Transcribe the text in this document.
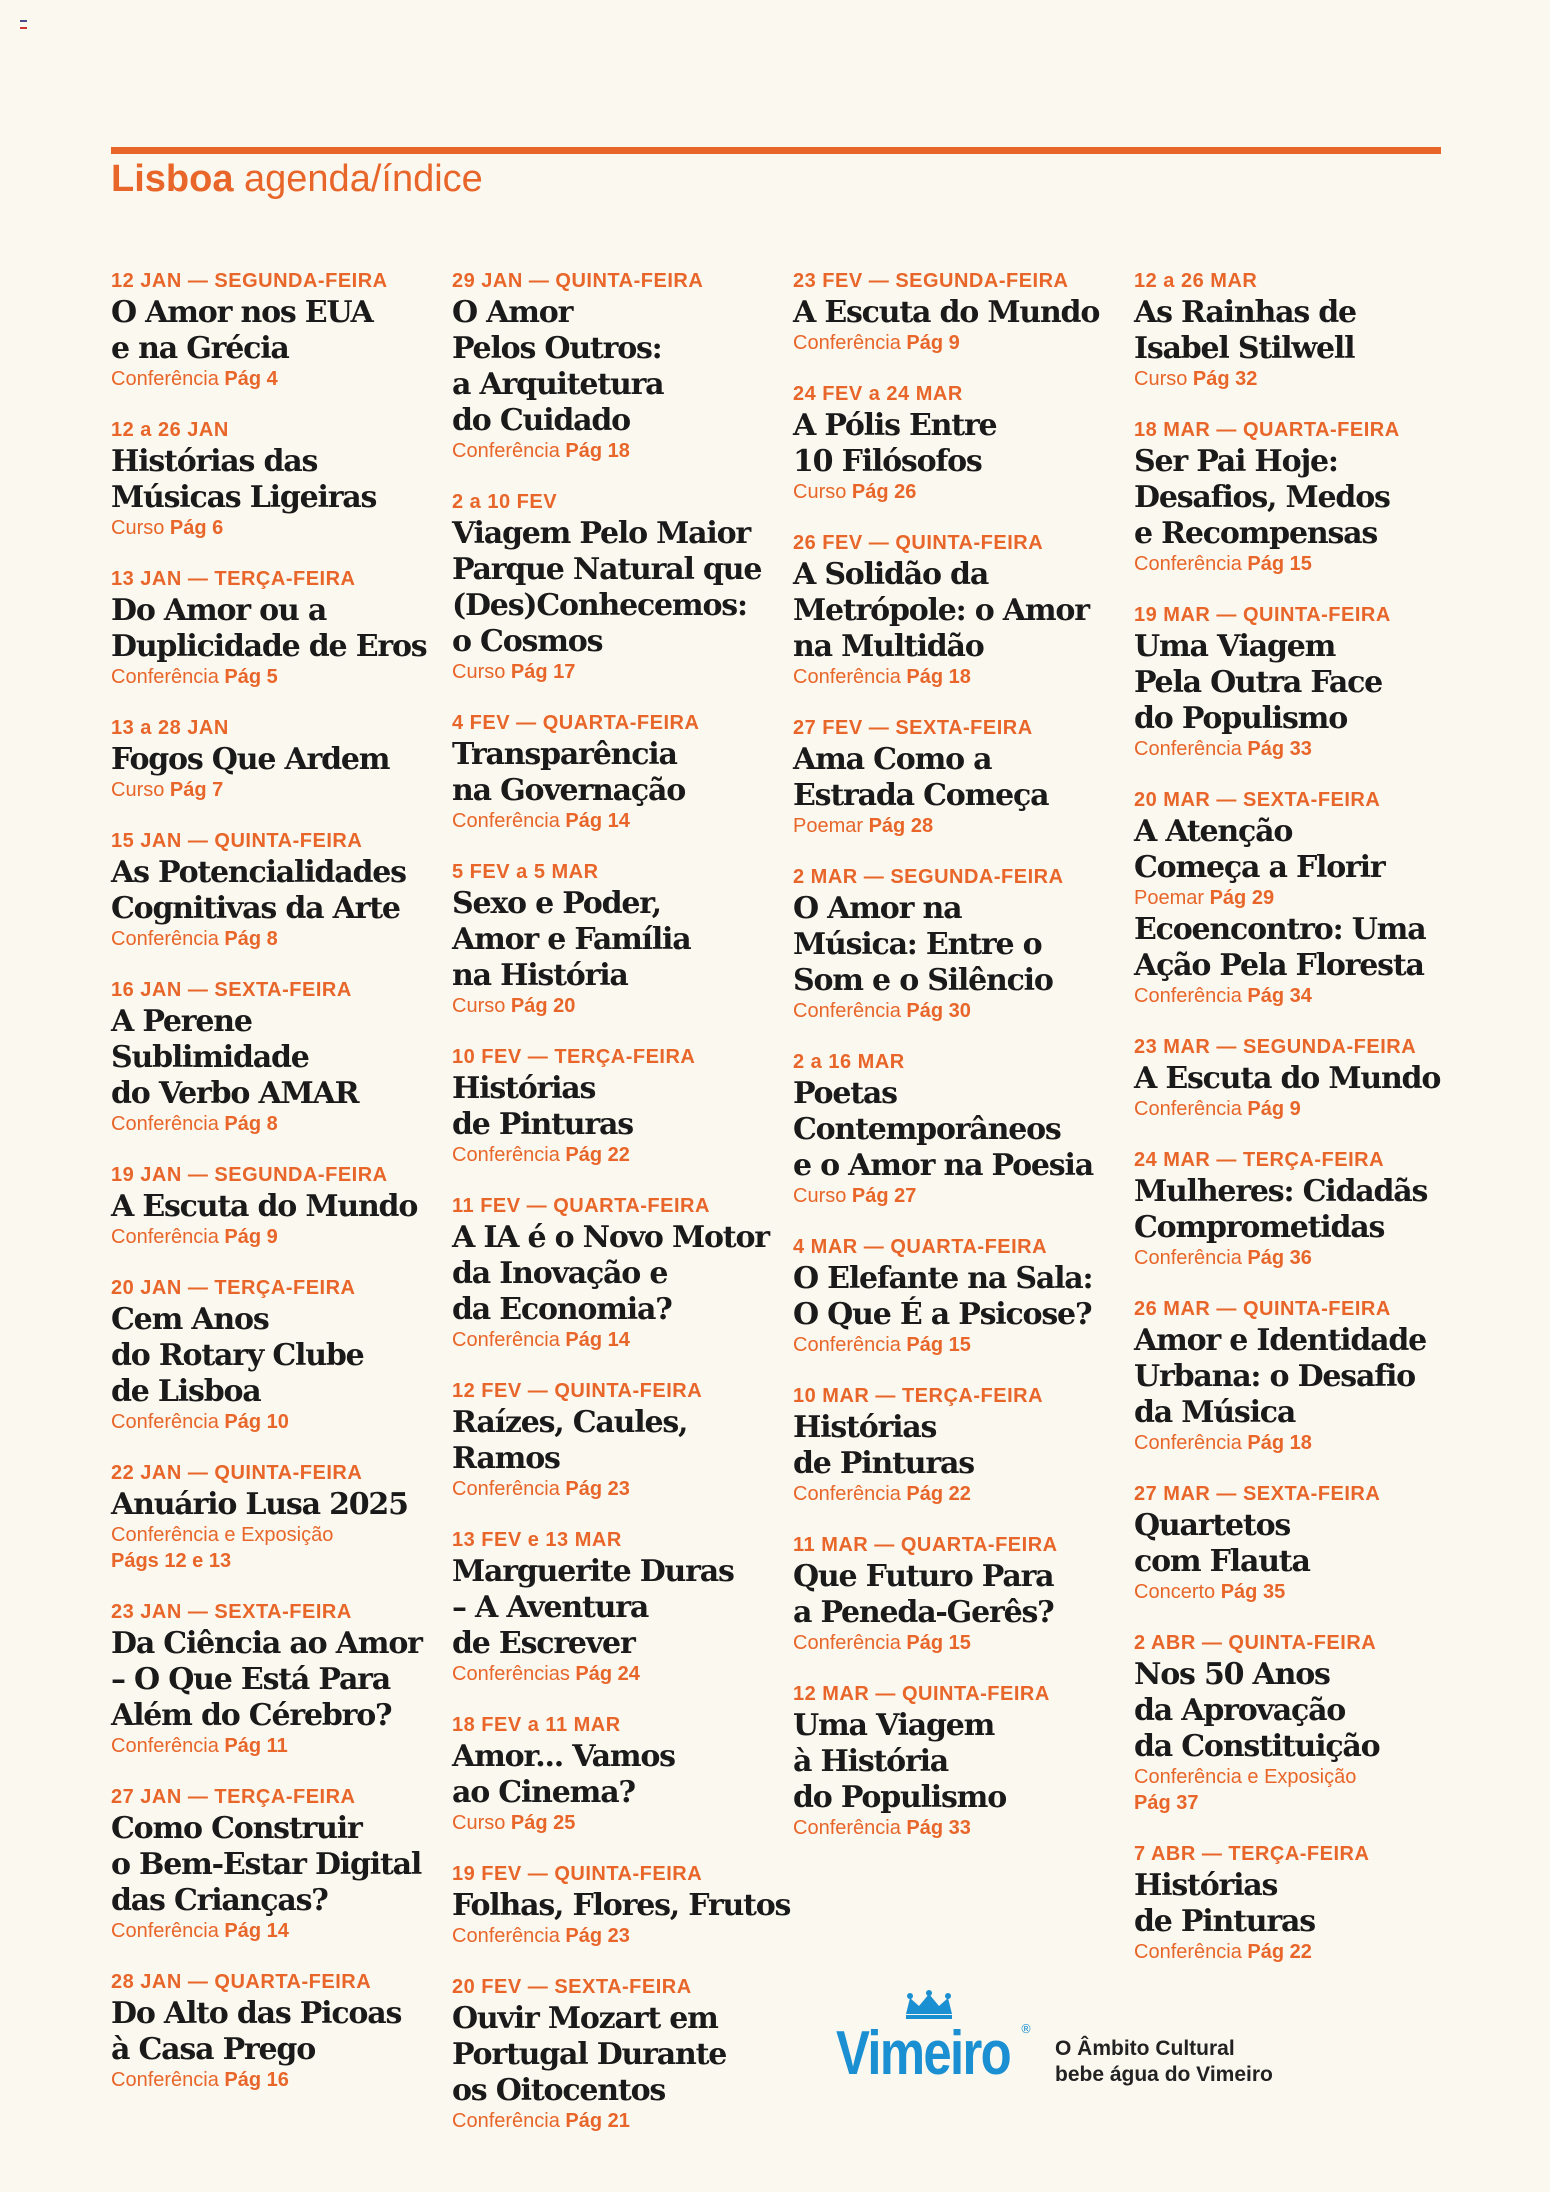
Lisboa agenda/índice
12 JAN — SEGUNDA-FEIRA
O Amor nos EUA
e na Grécia
Conferência Pág 4
12 a 26 JAN
Histórias das
Músicas Ligeiras
Curso Pág 6
13 JAN — TERÇA-FEIRA
Do Amor ou a
Duplicidade de Eros
Conferência Pág 5
13 a 28 JAN
Fogos Que Ardem
Curso Pág 7
15 JAN — QUINTA-FEIRA
As Potencialidades
Cognitivas da Arte
Conferência Pág 8
16 JAN — SEXTA-FEIRA
A Perene
Sublimidade
do Verbo AMAR
Conferência Pág 8
19 JAN — SEGUNDA-FEIRA
A Escuta do Mundo
Conferência Pág 9
20 JAN — TERÇA-FEIRA
Cem Anos
do Rotary Clube
de Lisboa
Conferência Pág 10
22 JAN — QUINTA-FEIRA
Anuário Lusa 2025
Conferência e Exposição
Págs 12 e 13
23 JAN — SEXTA-FEIRA
Da Ciência ao Amor
– O Que Está Para
Além do Cérebro?
Conferência Pág 11
27 JAN — TERÇA-FEIRA
Como Construir
o Bem-Estar Digital
das Crianças?
Conferência Pág 14
28 JAN — QUARTA-FEIRA
Do Alto das Picoas
à Casa Prego
Conferência Pág 16
29 JAN — QUINTA-FEIRA
O Amor
Pelos Outros:
a Arquitetura
do Cuidado
Conferência Pág 18
2 a 10 FEV
Viagem Pelo Maior
Parque Natural que
(Des)Conhecemos:
o Cosmos
Curso Pág 17
4 FEV — QUARTA-FEIRA
Transparência
na Governação
Conferência Pág 14
5 FEV a 5 MAR
Sexo e Poder,
Amor e Família
na História
Curso Pág 20
10 FEV — TERÇA-FEIRA
Histórias
de Pinturas
Conferência Pág 22
11 FEV — QUARTA-FEIRA
A IA é o Novo Motor
da Inovação e
da Economia?
Conferência Pág 14
12 FEV — QUINTA-FEIRA
Raízes, Caules,
Ramos
Conferência Pág 23
13 FEV e 13 MAR
Marguerite Duras
– A Aventura
de Escrever
Conferências Pág 24
18 FEV a 11 MAR
Amor... Vamos
ao Cinema?
Curso Pág 25
19 FEV — QUINTA-FEIRA
Folhas, Flores, Frutos
Conferência Pág 23
20 FEV — SEXTA-FEIRA
Ouvir Mozart em
Portugal Durante
os Oitocentos
Conferência Pág 21
23 FEV — SEGUNDA-FEIRA
A Escuta do Mundo
Conferência Pág 9
24 FEV a 24 MAR
A Pólis Entre
10 Filósofos
Curso Pág 26
26 FEV — QUINTA-FEIRA
A Solidão da
Metrópole: o Amor
na Multidão
Conferência Pág 18
27 FEV — SEXTA-FEIRA
Ama Como a
Estrada Começa
Poemar Pág 28
2 MAR — SEGUNDA-FEIRA
O Amor na
Música: Entre o
Som e o Silêncio
Conferência Pág 30
2 a 16 MAR
Poetas
Contemporâneos
e o Amor na Poesia
Curso Pág 27
4 MAR — QUARTA-FEIRA
O Elefante na Sala:
O Que É a Psicose?
Conferência Pág 15
10 MAR — TERÇA-FEIRA
Histórias
de Pinturas
Conferência Pág 22
11 MAR — QUARTA-FEIRA
Que Futuro Para
a Peneda-Gerês?
Conferência Pág 15
12 MAR — QUINTA-FEIRA
Uma Viagem
à História
do Populismo
Conferência Pág 33
12 a 26 MAR
As Rainhas de
Isabel Stilwell
Curso Pág 32
18 MAR — QUARTA-FEIRA
Ser Pai Hoje:
Desafios, Medos
e Recompensas
Conferência Pág 15
19 MAR — QUINTA-FEIRA
Uma Viagem
Pela Outra Face
do Populismo
Conferência Pág 33
20 MAR — SEXTA-FEIRA
A Atenção
Começa a Florir
Poemar Pág 29
Ecoencontro: Uma
Ação Pela Floresta
Conferência Pág 34
23 MAR — SEGUNDA-FEIRA
A Escuta do Mundo
Conferência Pág 9
24 MAR — TERÇA-FEIRA
Mulheres: Cidadãs
Comprometidas
Conferência Pág 36
26 MAR — QUINTA-FEIRA
Amor e Identidade
Urbana: o Desafio
da Música
Conferência Pág 18
27 MAR — SEXTA-FEIRA
Quartetos
com Flauta
Concerto Pág 35
2 ABR — QUINTA-FEIRA
Nos 50 Anos
da Aprovação
da Constituição
Conferência e Exposição
Pág 37
7 ABR — TERÇA-FEIRA
Histórias
de Pinturas
Conferência Pág 22
Vimeiro ®
O Âmbito Cultural
bebe água do Vimeiro
